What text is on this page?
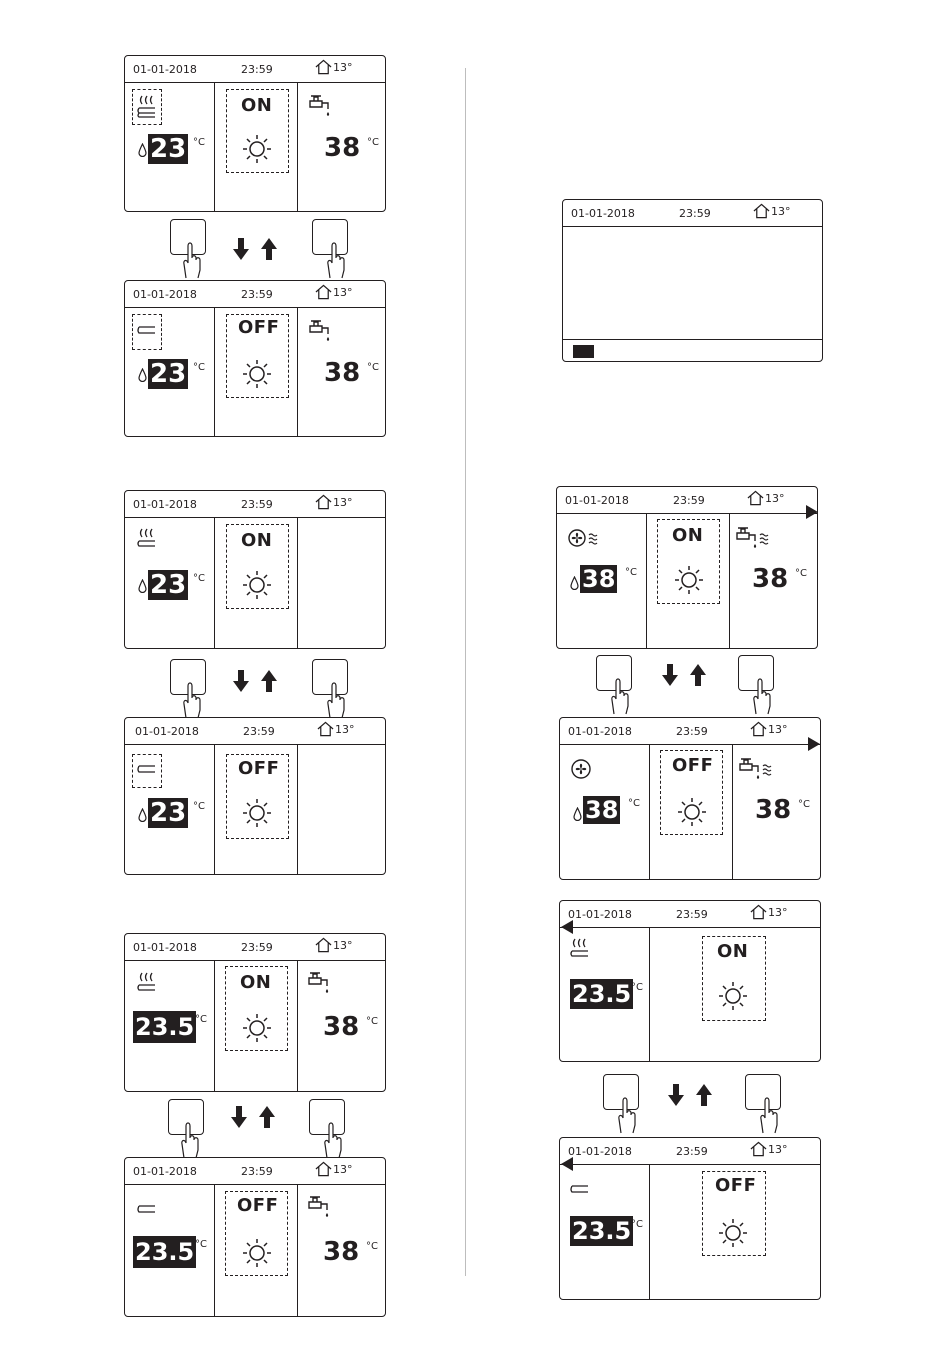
01-01-2018	23:59	13°
23 °C
ON
38 °C
01-01-2018	23:59	13°
23 °C
OFF
38 °C
01-01-2018	23:59	13°
23 °C
ON
01-01-2018	23:59	13°
23 °C
OFF
01-01-2018	23:59	13°
23.5 °C
ON
38 °C
01-01-2018	23:59	13°
23.5 °C
OFF
38 °C
01-01-2018	23:59	13°
01-01-2018	23:59	13°
38 °C
ON
38 °C
01-01-2018	23:59	13°
38 °C
OFF
38 °C
01-01-2018	23:59	13°
23.5 °C
ON
01-01-2018	23:59	13°
23.5 °C
OFF
